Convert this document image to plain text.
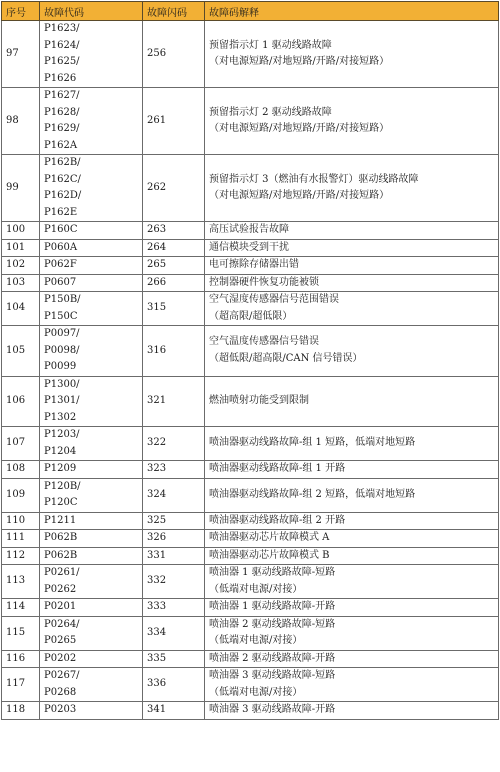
序号	故障代码	故障闪码	故障码解释
97	P1623/
P1624/
P1625/
P1626	256	预留指示灯 1 驱动线路故障
（对电源短路/对地短路/开路/对接短路）

98	P1627/
P1628/
P1629/
P162A	261	预留指示灯 2 驱动线路故障
（对电源短路/对地短路/开路/对接短路）

99	P162B/
P162C/
P162D/
P162E	262	预留指示灯 3（燃油有水报警灯）驱动线路故障
（对电源短路/对地短路/开路/对接短路）

100	P160C	263	高压试验报告故障

101	P060A	264	通信模块受到干扰

102	P062F	265	电可擦除存储器出错

103	P0607	266	控制器硬件恢复功能被锁

104	P150B/
P150C	315	空气湿度传感器信号范围错误
（超高限/超低限）

105	P0097/
P0098/
P0099	316	空气温度传感器信号错误
（超低限/超高限/CAN 信号错误）

106	P1300/
P1301/
P1302	321	燃油喷射功能受到限制

107	P1203/
P1204	322	喷油器驱动线路故障-组 1 短路，低端对地短路

108	P1209	323	喷油器驱动线路故障-组 1 开路

109	P120B/
P120C	324	喷油器驱动线路故障-组 2 短路，低端对地短路

110	P1211	325	喷油器驱动线路故障-组 2 开路

111	P062B	326	喷油器驱动芯片故障模式 A

112	P062B	331	喷油器驱动芯片故障模式 B

113	P0261/
P0262	332	喷油器 1 驱动线路故障-短路
（低端对电源/对接）

114	P0201	333	喷油器 1 驱动线路故障-开路

115	P0264/
P0265	334	喷油器 2 驱动线路故障-短路
（低端对电源/对接）

116	P0202	335	喷油器 2 驱动线路故障-开路

117	P0267/
P0268	336	喷油器 3 驱动线路故障-短路
（低端对电源/对接）

118	P0203	341	喷油器 3 驱动线路故障-开路
